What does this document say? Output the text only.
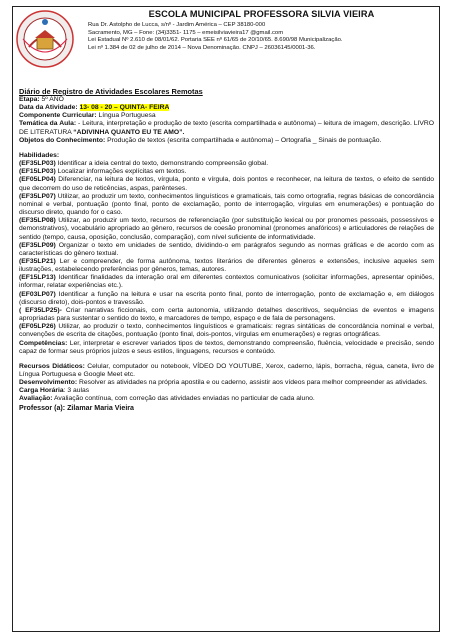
ESCOLA MUNICIPAL PROFESSORA SILVIA VIEIRA
Rua Dr. Astolpho de Lucca, s/nº - Jardim América – CEP 38180-000
Sacramento, MG – Fone: (34)3351- 1175 – emeisilviavieira17 @gmail.com
Lei Estadual Nº 2.610 de 08/01/62. Portaria SEE nº 61/65 de 20/10/65. 8.690/98 Municipalização.
Lei nº 1.384 de 02 de julho de 2014 – Nova Denominação. CNPJ – 26036145/0001-36.
Diário de Registro de Atividades Escolares Remotas

Etapa: 5º ANO

Data da Atividade: 13- 08 - 20 – QUINTA- FEIRA

Componente Curricular: Língua Portuguesa

Temática da Aula: - Leitura, interpretação e produção de texto (escrita compartilhada e autônoma) – leitura de imagem, descrição. LIVRO DE LITERATURA “ADIVINHA QUANTO EU TE AMO”.

Objetos do Conhecimento: Produção de textos (escrita compartilhada e autônoma) – Ortografia _ Sinais de pontuação.

Habilidades:

(EF35LP03) Identificar a ideia central do texto, demonstrando compreensão global.

(EF15LP03) Localizar informações explícitas em textos.

(EF05LP04) Diferenciar, na leitura de textos, vírgula, ponto e vírgula, dois pontos e reconhecer, na leitura de textos, o efeito de sentido que decorrem do uso de reticências, aspas, parênteses.

(EF35LP07) Utilizar, ao produzir um texto, conhecimentos linguísticos e gramaticais, tais como ortografia, regras básicas de concordância nominal e verbal, pontuação (ponto final, ponto de exclamação, ponto de interrogação, vírgulas em enumerações) e pontuação do discurso direto, quando for o caso.

(EF35LP08) Utilizar, ao produzir um texto, recursos de referenciação (por substituição lexical ou por pronomes pessoais, possessivos e demonstrativos), vocabulário apropriado ao gênero, recursos de coesão pronominal (pronomes anafóricos) e articuladores de relações de sentido (tempo, causa, oposição, conclusão, comparação), com nível suficiente de informatividade.

(EF35LP09) Organizar o texto em unidades de sentido, dividindo-o em parágrafos segundo as normas gráficas e de acordo com as características do gênero textual.

(EF35LP21) Ler e compreender, de forma autônoma, textos literários de diferentes gêneros e extensões, inclusive aqueles sem ilustrações, estabelecendo preferências por gêneros, temas, autores.

(EF15LP13) Identificar finalidades da interação oral em diferentes contextos comunicativos (solicitar informações, apresentar opiniões, informar, relatar experiências etc.).

(EF03LP07) Identificar a função na leitura e usar na escrita ponto final, ponto de interrogação, ponto de exclamação e, em diálogos (discurso direto), dois-pontos e travessão.

( EF35LP25)- Criar narrativas ficcionais, com certa autonomia, utilizando detalhes descritivos, sequências de eventos e imagens apropriadas para sustentar o sentido do texto, e marcadores de tempo, espaço e de fala de personagens.

(EF05LP26) Utilizar, ao produzir o texto, conhecimentos linguísticos e gramaticais: regras sintáticas de concordância nominal e verbal, convenções de escrita de citações, pontuação (ponto final, dois-pontos, vírgulas em enumerações) e regras ortográficas.

Competências: Ler, interpretar e escrever variados tipos de textos, demonstrando compreensão, fluência, velocidade e precisão, sendo capaz de formar seus próprios juízos e seus estilos, linguagens, recursos e conteúdo.

Recursos Didáticos: Celular, computador ou notebook, VÍDEO DO YOUTUBE, Xerox, caderno, lápis, borracha, régua, caneta, livro de Língua Portuguesa e Google Meet etc.

Desenvolvimento: Resolver as atividades na própria apostila e ou caderno, assistir aos vídeos para melhor compreender as atividades.

Carga Horária: 3 aulas

Avaliação: Avaliação contínua, com correção das atividades enviadas no particular de cada aluno.

Professor (a): Zilamar Maria Vieira
